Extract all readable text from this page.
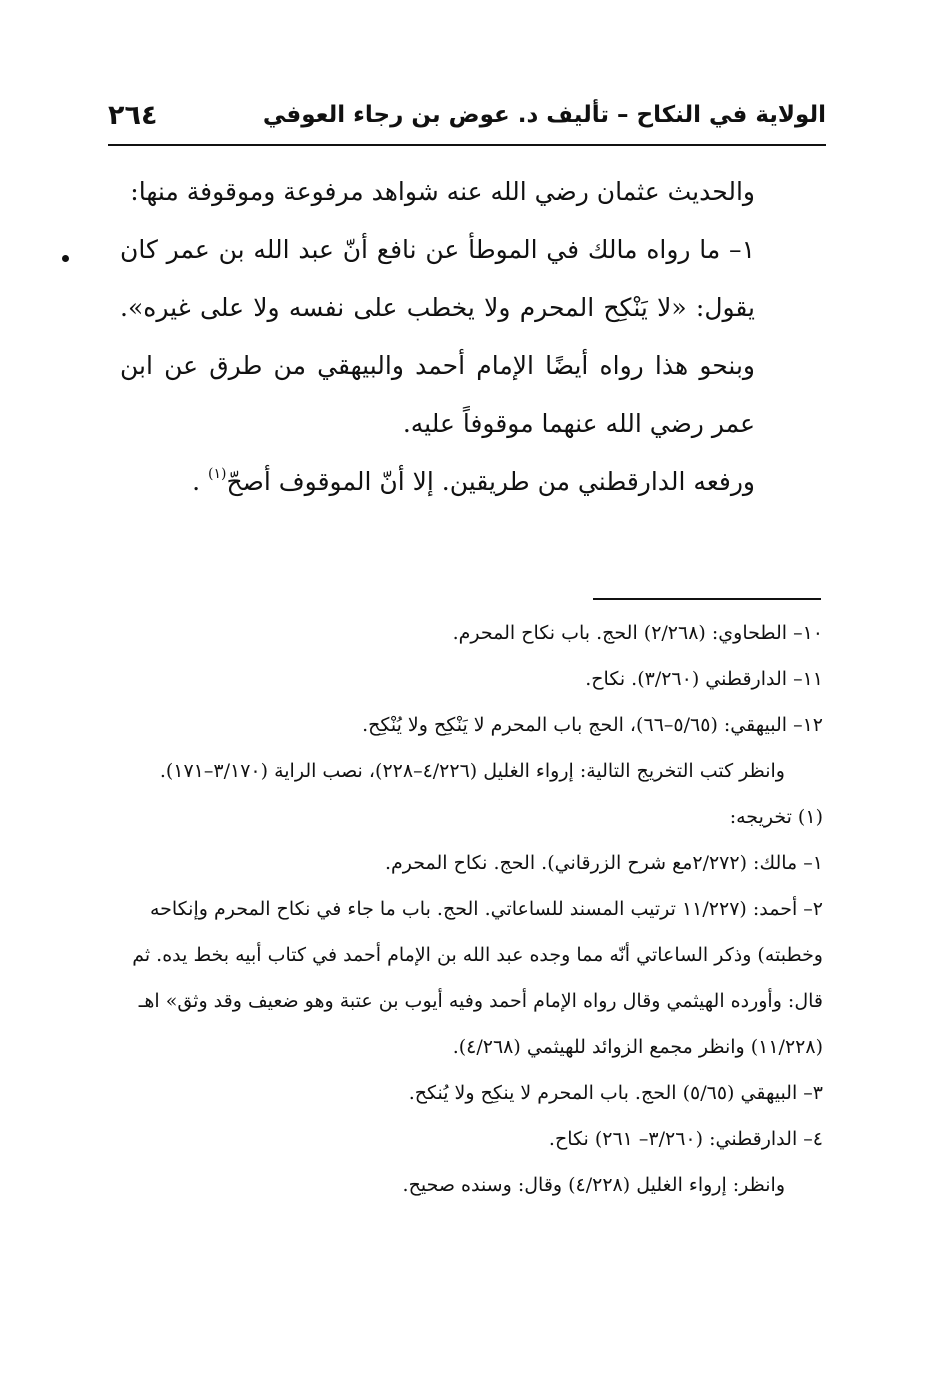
الولاية في النكاح – تأليف د. عوض بن رجاء العوفي
٢٦٤

والحديث عثمان رضي الله عنه شواهد مرفوعة وموقوفة منها:

١– ما رواه مالك في الموطأ عن نافع أنّ عبد الله بن عمر كان يقول: «لا يَنْكِح المحرم ولا يخطب على نفسه ولا على غيره». وبنحو هذا رواه أيضًا الإمام أحمد والبيهقي من طرق عن ابن عمر رضي الله عنهما موقوفاً عليه.

ورفعه الدارقطني من طريقين. إلا أنّ الموقوف أصحّ$^{(١)}$ .

١٠– الطحاوي: (٢/٢٦٨) الحج. باب نكاح المحرم.
١١– الدارقطني (٣/٢٦٠). نكاح.
١٢– البيهقي: (٥/٦٥–٦٦)، الحج باب المحرم لا يَنْكِح ولا يُنْكِح.
وانظر كتب التخريج التالية: إرواء الغليل (٤/٢٢٦–٢٢٨)، نصب الراية (٣/١٧٠–١٧١).
(١) تخريجه:
١– مالك: (٢/٢٧٢مع شرح الزرقاني). الحج. نكاح المحرم.
٢– أحمد: (١١/٢٢٧ ترتيب المسند للساعاتي. الحج. باب ما جاء في نكاح المحرم وإنكاحه وخطبته) وذكر الساعاتي أنّه مما وجده عبد الله بن الإمام أحمد في كتاب أبيه بخط يده. ثم قال: وأورده الهيثمي وقال رواه الإمام أحمد وفيه أيوب بن عتبة وهو ضعيف وقد وثق» اهـ (١١/٢٢٨) وانظر مجمع الزوائد للهيثمي (٤/٢٦٨).
٣– البيهقي (٥/٦٥) الحج. باب المحرم لا ينكِح ولا يُنكح.
٤– الدارقطني: (٣/٢٦٠– ٢٦١) نكاح.
وانظر: إرواء الغليل (٤/٢٢٨) وقال: وسنده صحيح.
